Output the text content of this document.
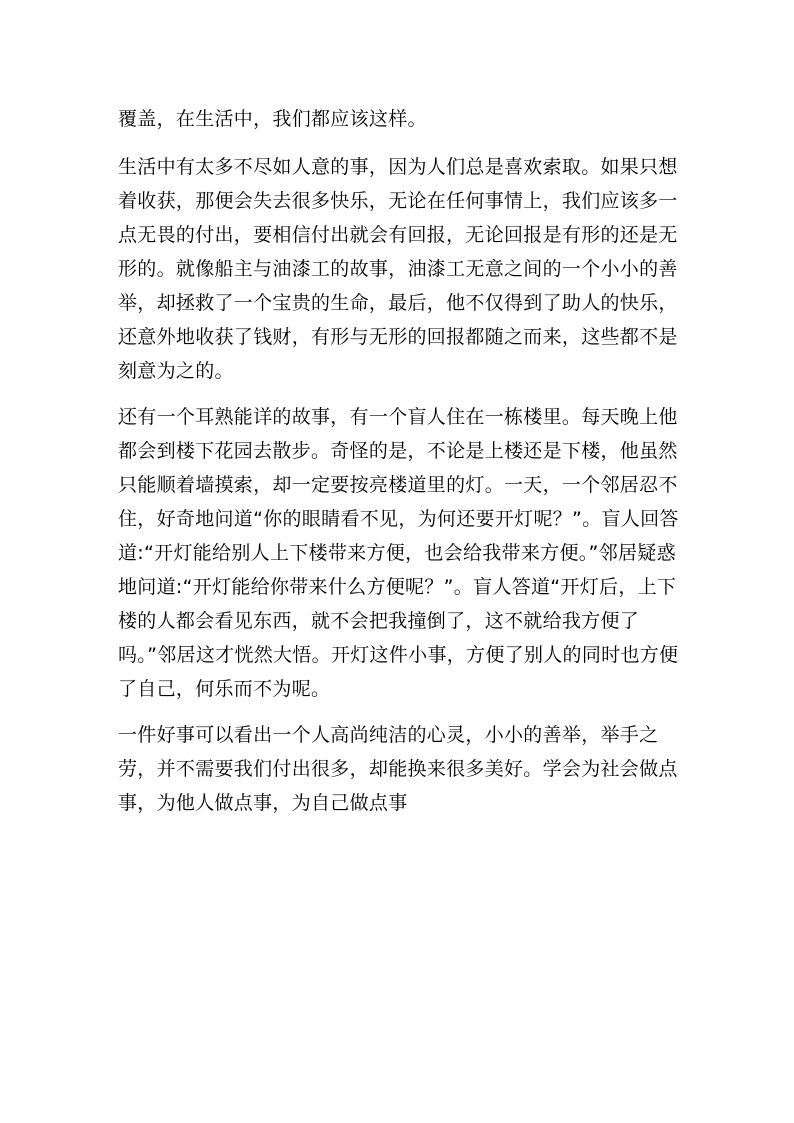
覆盖，在生活中，我们都应该这样。

生活中有太多不尽如人意的事，因为人们总是喜欢索取。如果只想着收获，那便会失去很多快乐，无论在任何事情上，我们应该多一点无畏的付出，要相信付出就会有回报，无论回报是有形的还是无形的。就像船主与油漆工的故事，油漆工无意之间的一个小小的善举，却拯救了一个宝贵的生命，最后，他不仅得到了助人的快乐，还意外地收获了钱财，有形与无形的回报都随之而来，这些都不是刻意为之的。

还有一个耳熟能详的故事，有一个盲人住在一栋楼里。每天晚上他都会到楼下花园去散步。奇怪的是，不论是上楼还是下楼，他虽然只能顺着墙摸索，却一定要按亮楼道里的灯。一天，一个邻居忍不住，好奇地问道“你的眼睛看不见，为何还要开灯呢？”。盲人回答道:“开灯能给别人上下楼带来方便，也会给我带来方便。”邻居疑惑地问道:“开灯能给你带来什么方便呢？”。盲人答道“开灯后，上下楼的人都会看见东西，就不会把我撞倒了，这不就给我方便了吗。”邻居这才恍然大悟。开灯这件小事，方便了别人的同时也方便了自己，何乐而不为呢。

一件好事可以看出一个人高尚纯洁的心灵，小小的善举，举手之劳，并不需要我们付出很多，却能换来很多美好。学会为社会做点事，为他人做点事，为自己做点事
